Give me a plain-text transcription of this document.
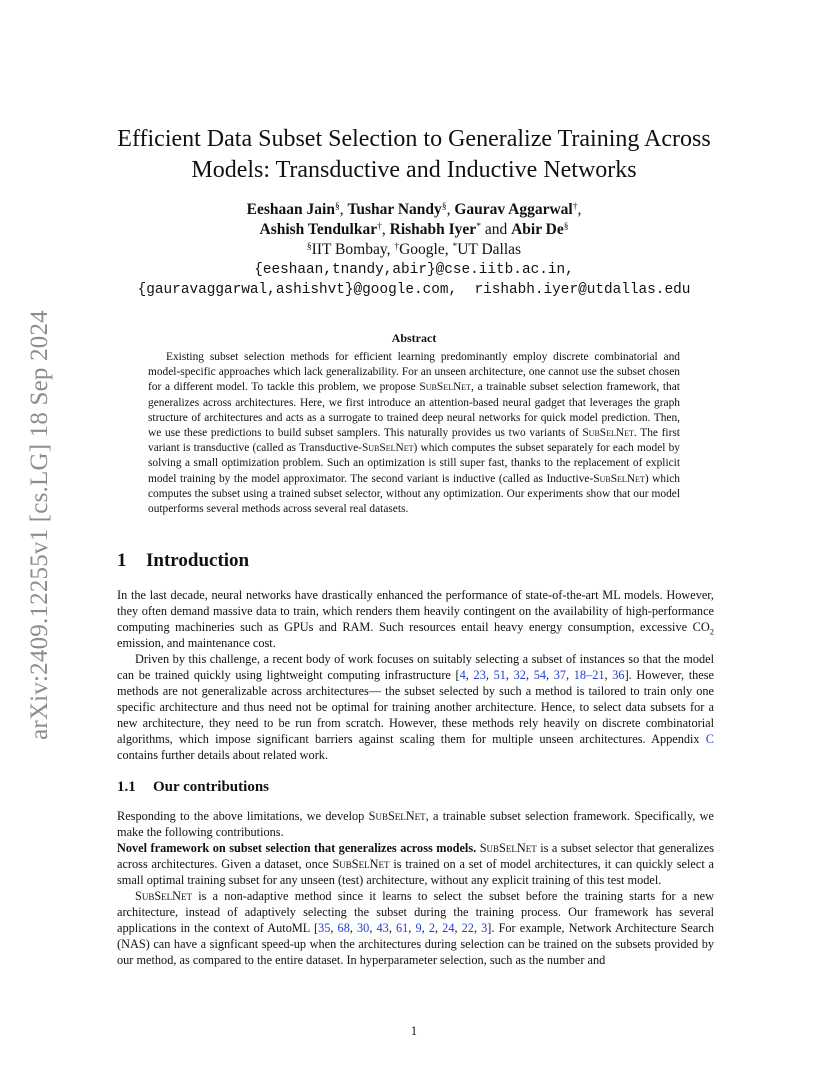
arXiv:2409.12255v1 [cs.LG] 18 Sep 2024
Efficient Data Subset Selection to Generalize Training Across
Models: Transductive and Inductive Networks
Eeshaan Jain§, Tushar Nandy§, Gaurav Aggarwal†,
Ashish Tendulkar†, Rishabh Iyer* and Abir De§
§IIT Bombay, †Google, *UT Dallas
{eeshaan,tnandy,abir}@cse.iitb.ac.in,
{gauravaggarwal,ashishvt}@google.com, rishabh.iyer@utdallas.edu
Abstract

Existing subset selection methods for efficient learning predominantly employ discrete combinatorial and model-specific approaches which lack generalizability. For an unseen architecture, one cannot use the subset chosen for a different model. To tackle this problem, we propose SubSelNet, a trainable subset selection framework, that generalizes across architectures. Here, we first introduce an attention-based neural gadget that leverages the graph structure of architectures and acts as a surrogate to trained deep neural networks for quick model prediction. Then, we use these predictions to build subset samplers. This naturally provides us two variants of SubSelNet. The first variant is transductive (called as Transductive-SubSelNet) which computes the subset separately for each model by solving a small optimization problem. Such an optimization is still super fast, thanks to the replacement of explicit model training by the model approximator. The second variant is inductive (called as Inductive-SubSelNet) which computes the subset using a trained subset selector, without any optimization. Our experiments show that our model outperforms several methods across several real datasets.

1 Introduction

In the last decade, neural networks have drastically enhanced the performance of state-of-the-art ML models. However, they often demand massive data to train, which renders them heavily contingent on the availability of high-performance computing machineries such as GPUs and RAM. Such resources entail heavy energy consumption, excessive $CO_2$ emission, and maintenance cost.

Driven by this challenge, a recent body of work focuses on suitably selecting a subset of instances so that the model can be trained quickly using lightweight computing infrastructure [4, 23, 51, 32, 54, 37, 18–21, 36]. However, these methods are not generalizable across architectures— the subset selected by such a method is tailored to train only one specific architecture and thus need not be optimal for training another architecture. Hence, to select data subsets for a new architecture, they need to be run from scratch. However, these methods rely heavily on discrete combinatorial algorithms, which impose significant barriers against scaling them for multiple unseen architectures. Appendix C contains further details about related work.

1.1 Our contributions

Responding to the above limitations, we develop SubSelNet, a trainable subset selection framework. Specifically, we make the following contributions.

Novel framework on subset selection that generalizes across models. SubSelNet is a subset selector that generalizes across architectures. Given a dataset, once SubSelNet is trained on a set of model architectures, it can quickly select a small optimal training subset for any unseen (test) architecture, without any explicit training of this test model.

SubSelNet is a non-adaptive method since it learns to select the subset before the training starts for a new architecture, instead of adaptively selecting the subset during the training process. Our framework has several applications in the context of AutoML [35, 68, 30, 43, 61, 9, 2, 24, 22, 3]. For example, Network Architecture Search (NAS) can have a signficant speed-up when the architectures during selection can be trained on the subsets provided by our method, as compared to the entire dataset. In hyperparameter selection, such as the number and

1
